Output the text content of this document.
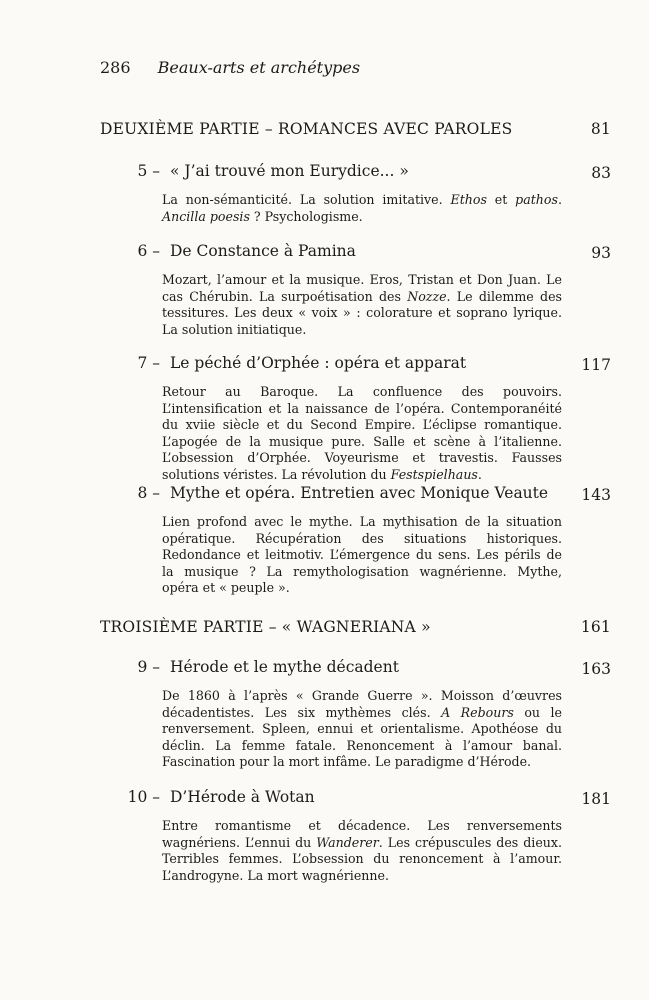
286 Beaux-arts et archétypes
DEUXIÈME PARTIE – ROMANCES AVEC PAROLES	81
5 – « J’ai trouvé mon Eurydice... »	83
La non-sémanticité. La solution imitative. Ethos et pathos. Ancilla poesis ? Psychologisme.
6 – De Constance à Pamina	93
Mozart, l’amour et la musique. Eros, Tristan et Don Juan. Le cas Chérubin. La surpoétisation des Nozze. Le dilemme des tessitures. Les deux « voix » : colorature et soprano lyrique. La solution initiatique.
7 – Le péché d’Orphée : opéra et apparat	117
Retour au Baroque. La confluence des pouvoirs. L’intensification et la naissance de l’opéra. Contemporanéité du xviie siècle et du Second Empire. L’éclipse romantique. L’apogée de la musique pure. Salle et scène à l’italienne. L’obsession d’Orphée. Voyeurisme et travestis. Fausses solutions véristes. La révolution du Festspielhaus.
8 – Mythe et opéra. Entretien avec Monique Veaute 143
Lien profond avec le mythe. La mythisation de la situation opératique. Récupération des situations historiques. Redondance et leitmotiv. L’émergence du sens. Les périls de la musique ? La remythologisation wagnérienne. Mythe, opéra et « peuple ».
TROISIÈME PARTIE – « WAGNERIANA »	161
9 – Hérode et le mythe décadent	163
De 1860 à l’après « Grande Guerre ». Moisson d’œuvres décadentistes. Les six mythèmes clés. A Rebours ou le renversement. Spleen, ennui et orientalisme. Apothéose du déclin. La femme fatale. Renoncement à l’amour banal. Fascination pour la mort infâme. Le paradigme d’Hérode.
10 – D’Hérode à Wotan	181
Entre romantisme et décadence. Les renversements wagnériens. L’ennui du Wanderer. Les crépuscules des dieux. Terribles femmes. L’obsession du renoncement à l’amour. L’androgyne. La mort wagnérienne.
